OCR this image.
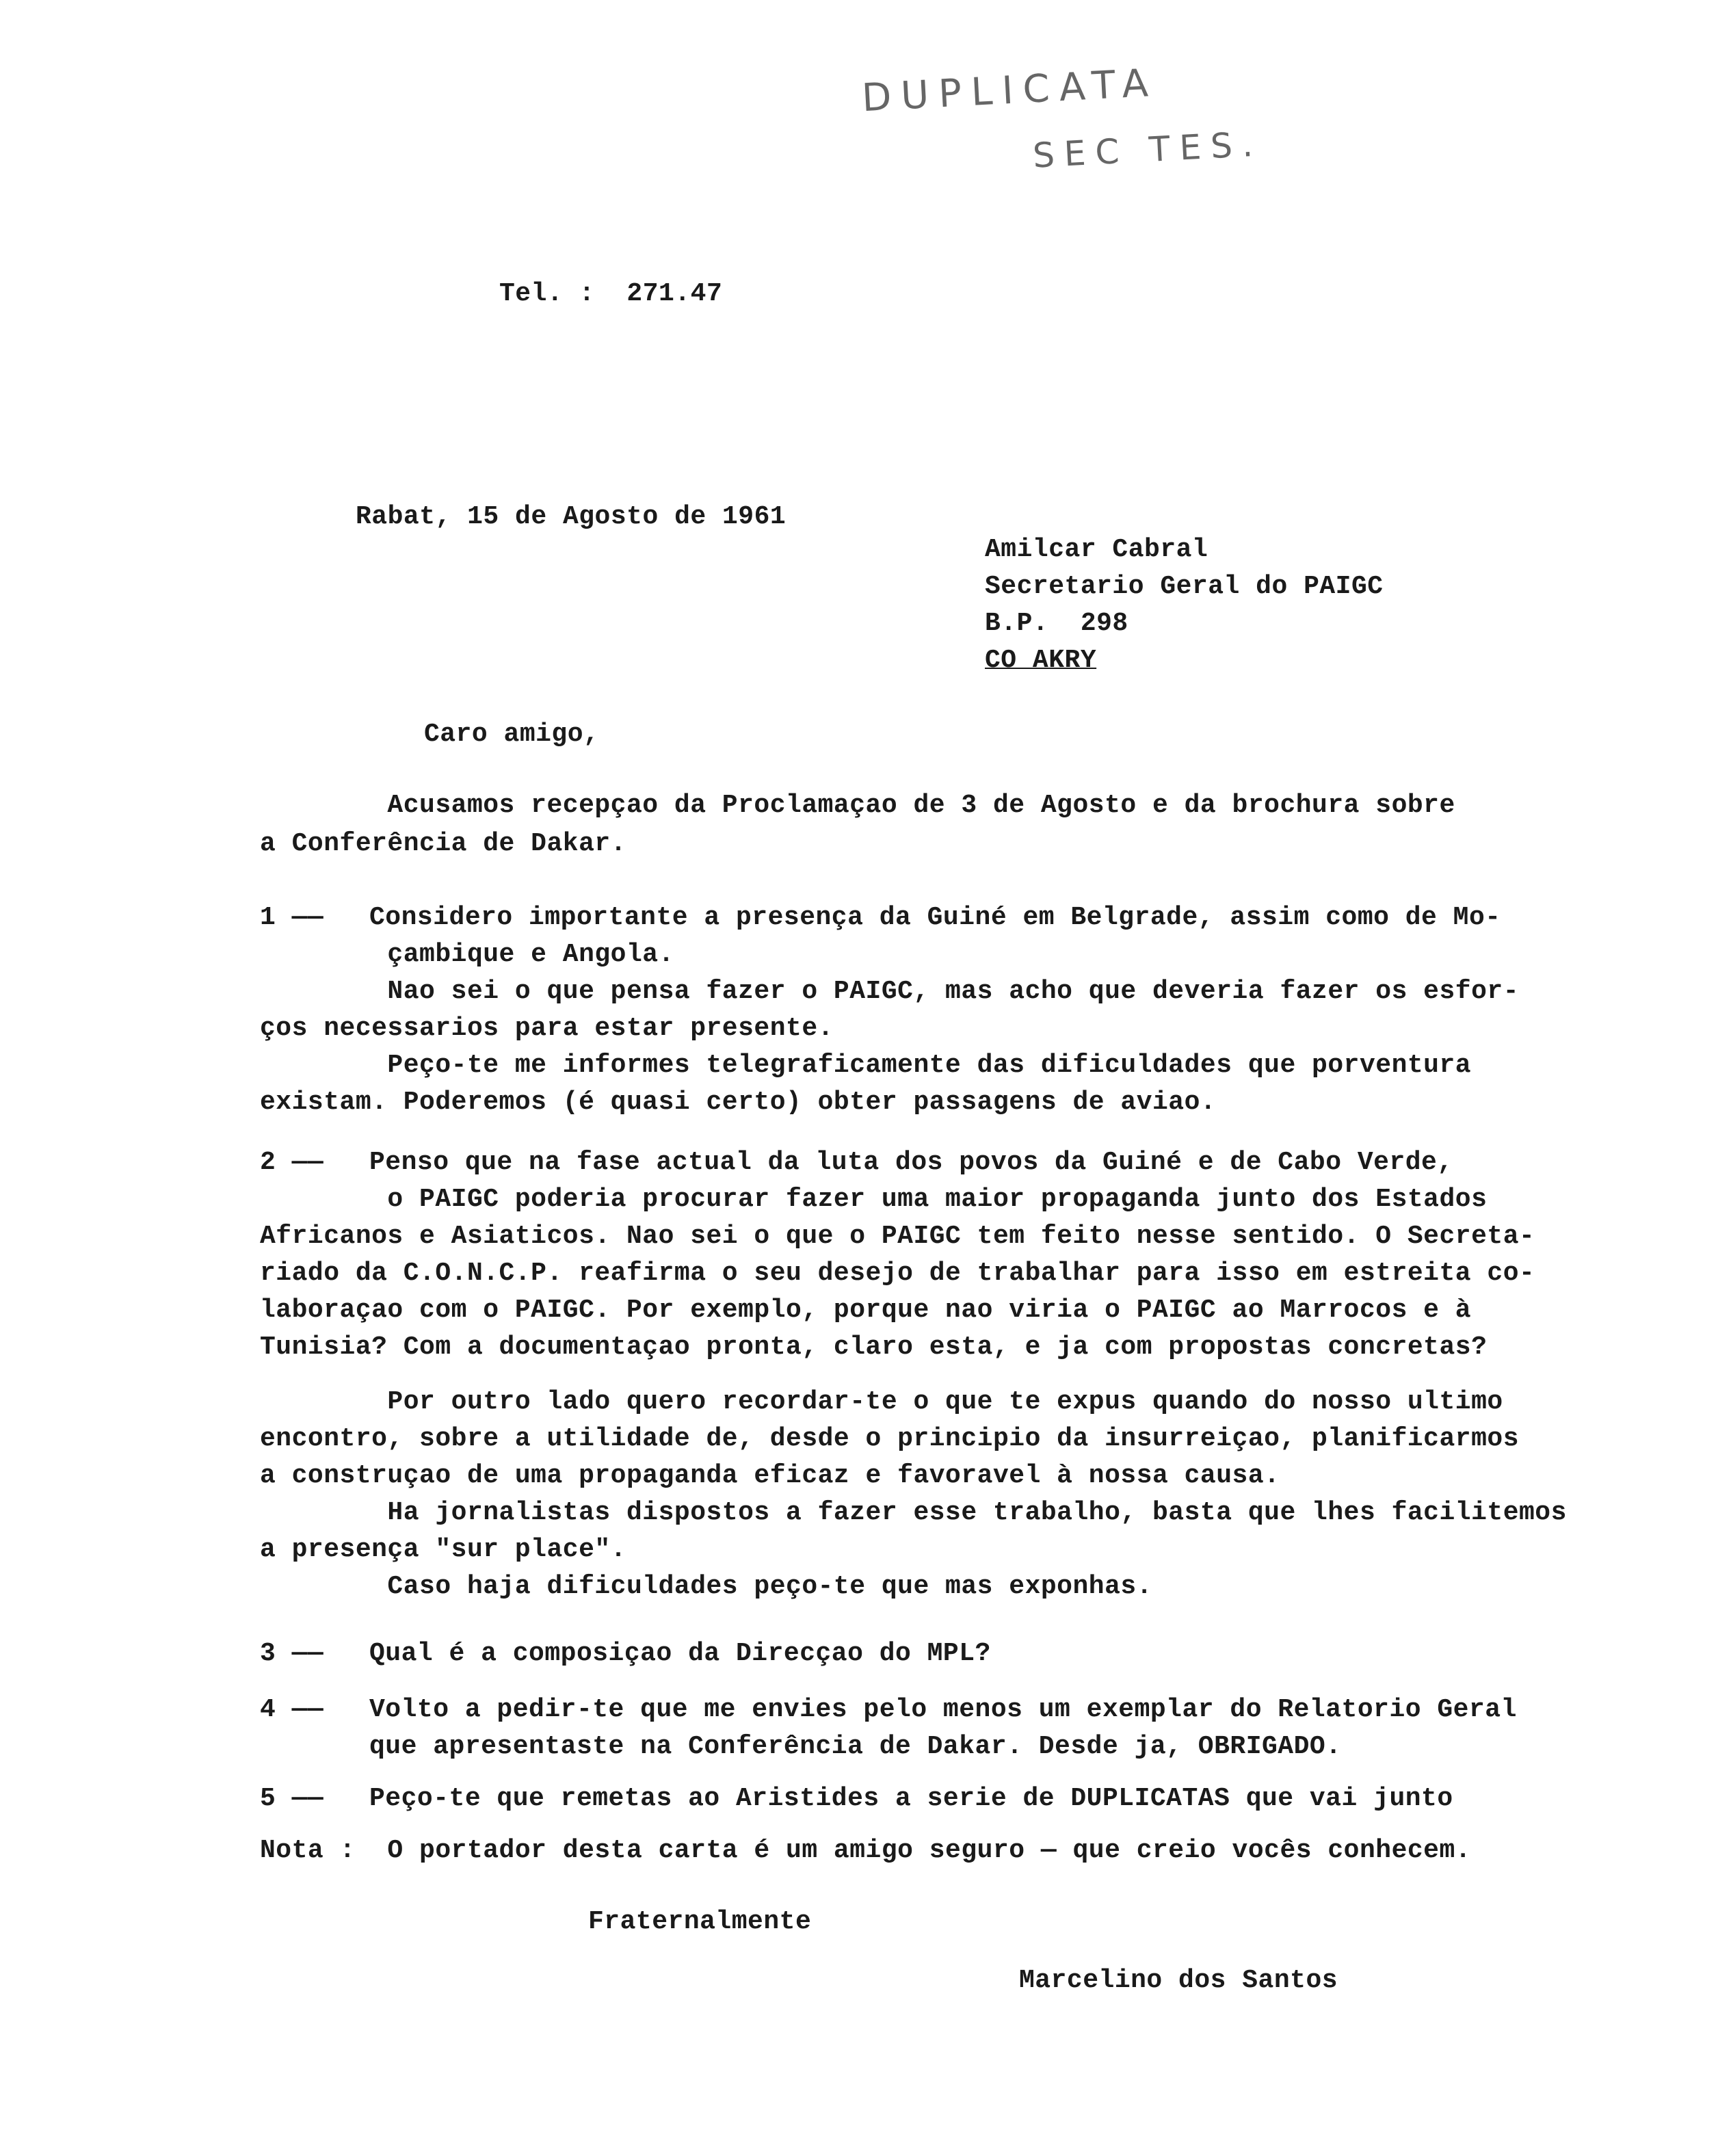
DUPLICATA
SEC TES.
Tel. :  271.47
Rabat, 15 de Agosto de 1961
Amilcar Cabral
Secretario Geral do PAIGC
B.P.  298
CO AKRY
Caro amigo,
Acusamos recepçao da Proclamaçao de 3 de Agosto e da brochura sobre
a Conferência de Dakar.
1 —— Considero importante a presença da Guiné em Belgrade, assim como de Mo-
çambique e Angola.
Nao sei o que pensa fazer o PAIGC, mas acho que deveria fazer os esfor-
ços necessarios para estar presente.
Peço-te me informes telegraficamente das dificuldades que porventura
existam. Poderemos (é quasi certo) obter passagens de aviao.
2 —— Penso que na fase actual da luta dos povos da Guiné e de Cabo Verde,
o PAIGC poderia procurar fazer uma maior propaganda junto dos Estados
Africanos e Asiaticos. Nao sei o que o PAIGC tem feito nesse sentido. O Secreta-
riado da C.O.N.C.P. reafirma o seu desejo de trabalhar para isso em estreita co-
laboraçao com o PAIGC. Por exemplo, porque nao viria o PAIGC ao Marrocos e à
Tunisia? Com a documentaçao pronta, claro esta, e ja com propostas concretas?
Por outro lado quero recordar-te o que te expus quando do nosso ultimo
encontro, sobre a utilidade de, desde o principio da insurreiçao, planificarmos
a construçao de uma propaganda eficaz e favoravel à nossa causa.
Ha jornalistas dispostos a fazer esse trabalho, basta que lhes facilitemos
a presença "sur place".
Caso haja dificuldades peço-te que mas exponhas.
3 —— Qual é a composiçao da Direcçao do MPL?
4 —— Volto a pedir-te que me envies pelo menos um exemplar do Relatorio Geral
que apresentaste na Conferência de Dakar. Desde ja, OBRIGADO.
5 —— Peço-te que remetas ao Aristides a serie de DUPLICATAS que vai junto
Nota :  O portador desta carta é um amigo seguro — que creio vocês conhecem.
Fraternalmente
Marcelino dos Santos
